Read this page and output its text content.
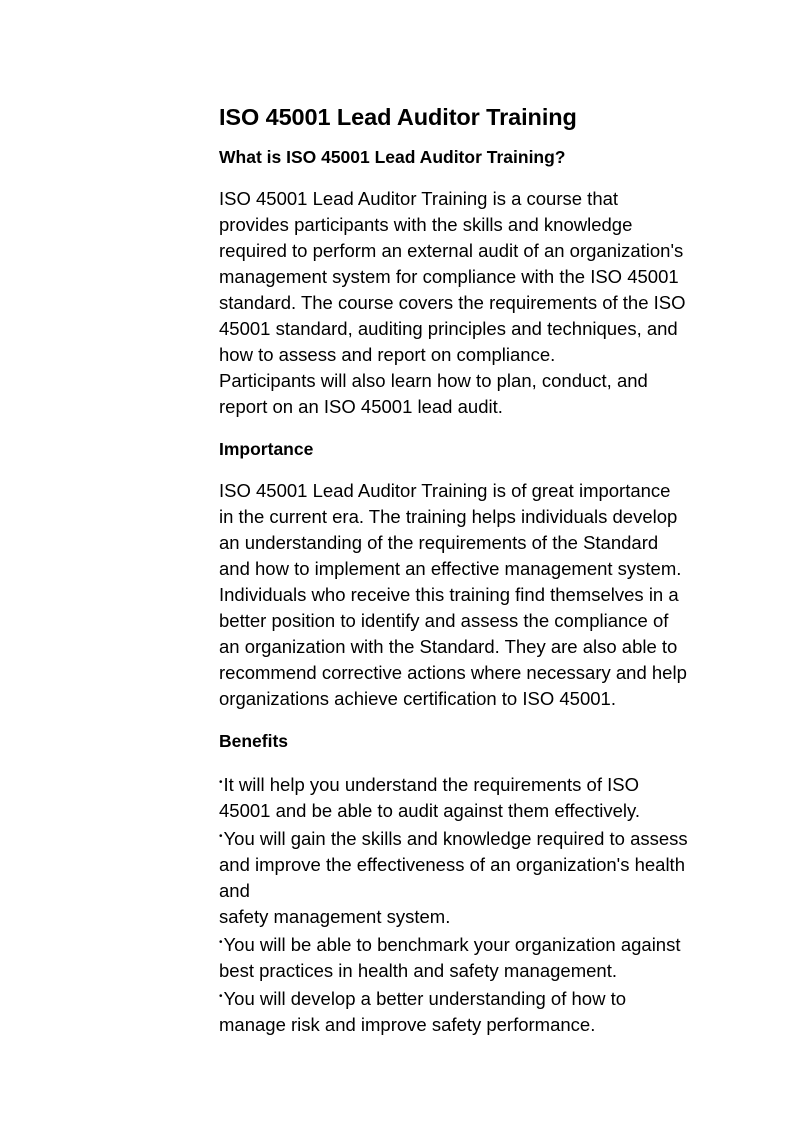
ISO 45001 Lead Auditor Training
What is ISO 45001 Lead Auditor Training?

ISO 45001 Lead Auditor Training is a course that provides participants with the skills and knowledge required to perform an external audit of an organization's management system for compliance with the ISO 45001 standard. The course covers the requirements of the ISO 45001 standard, auditing principles and techniques, and how to assess and report on compliance.

Participants will also learn how to plan, conduct, and report on an ISO 45001 lead audit.

Importance

ISO 45001 Lead Auditor Training is of great importance in the current era. The training helps individuals develop an understanding of the requirements of the Standard and how to implement an effective management system. Individuals who receive this training find themselves in a better position to identify and assess the compliance of an organization with the Standard. They are also able to recommend corrective actions where necessary and help organizations achieve certification to ISO 45001.

Benefits
•It will help you understand the requirements of ISO 45001 and be able to audit against them effectively.
•You will gain the skills and knowledge required to assess and improve the effectiveness of an organization's health and
safety management system.
•You will be able to benchmark your organization against best practices in health and safety management.
•You will develop a better understanding of how to manage risk and improve safety performance.
